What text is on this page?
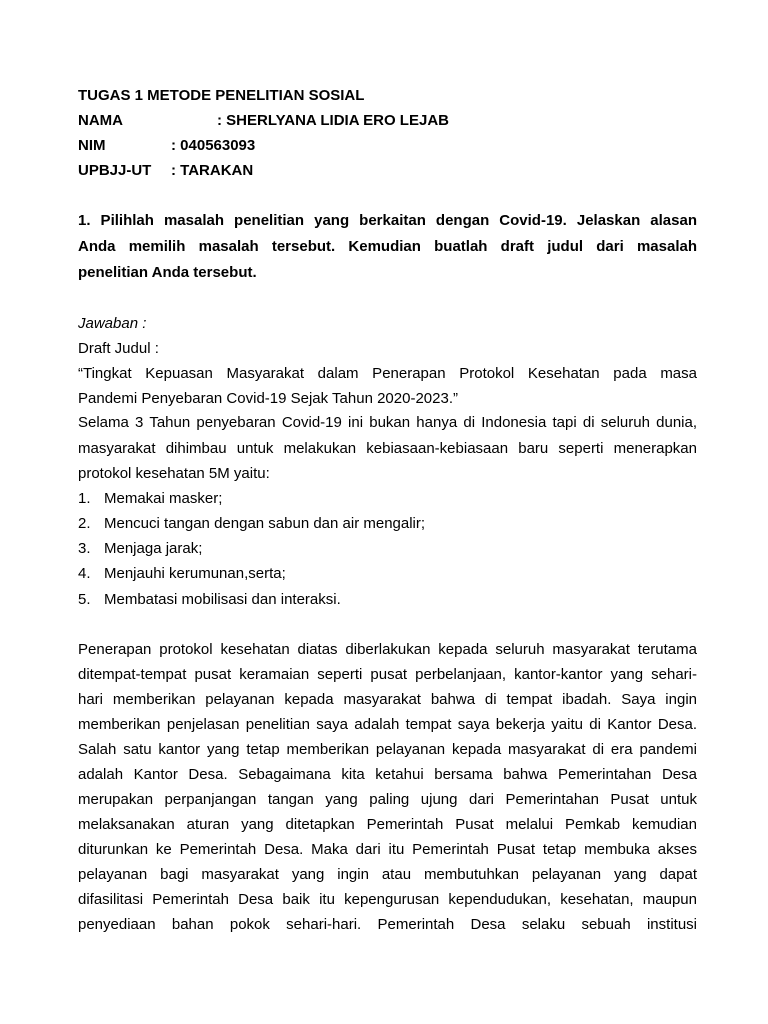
TUGAS 1 METODE PENELITIAN SOSIAL
NAMA	: SHERLYANA LIDIA ERO LEJAB
NIM	: 040563093
UPBJJ-UT : TARAKAN
1. Pilihlah masalah penelitian yang berkaitan dengan Covid-19. Jelaskan alasan
Anda memilih masalah tersebut. Kemudian buatlah draft judul dari masalah
penelitian Anda tersebut.
Jawaban :
Draft Judul :
“Tingkat Kepuasan Masyarakat dalam Penerapan Protokol Kesehatan pada masa
Pandemi Penyebaran Covid-19 Sejak Tahun 2020-2023.”
Selama 3 Tahun penyebaran Covid-19 ini bukan hanya di Indonesia tapi di seluruh dunia,
masyarakat dihimbau untuk melakukan kebiasaan-kebiasaan baru seperti menerapkan
protokol kesehatan 5M yaitu:
1. Memakai masker;
2. Mencuci tangan dengan sabun dan air mengalir;
3. Menjaga jarak;
4. Menjauhi kerumunan,serta;
5. Membatasi mobilisasi dan interaksi.
Penerapan protokol kesehatan diatas diberlakukan kepada seluruh masyarakat terutama
ditempat-tempat pusat keramaian seperti pusat perbelanjaan, kantor-kantor yang sehari-
hari memberikan pelayanan kepada masyarakat bahwa di tempat ibadah. Saya ingin
memberikan penjelasan penelitian saya adalah tempat saya bekerja yaitu di Kantor Desa.
Salah satu kantor yang tetap memberikan pelayanan kepada masyarakat di era pandemi
adalah Kantor Desa. Sebagaimana kita ketahui bersama bahwa Pemerintahan Desa
merupakan perpanjangan tangan yang paling ujung dari Pemerintahan Pusat untuk
melaksanakan aturan yang ditetapkan Pemerintah Pusat melalui Pemkab kemudian
diturunkan ke Pemerintah Desa. Maka dari itu Pemerintah Pusat tetap membuka akses
pelayanan bagi masyarakat yang ingin atau membutuhkan pelayanan yang dapat
difasilitasi Pemerintah Desa baik itu kepengurusan kependudukan, kesehatan, maupun
penyediaan bahan pokok sehari-hari. Pemerintah Desa selaku sebuah institusi
